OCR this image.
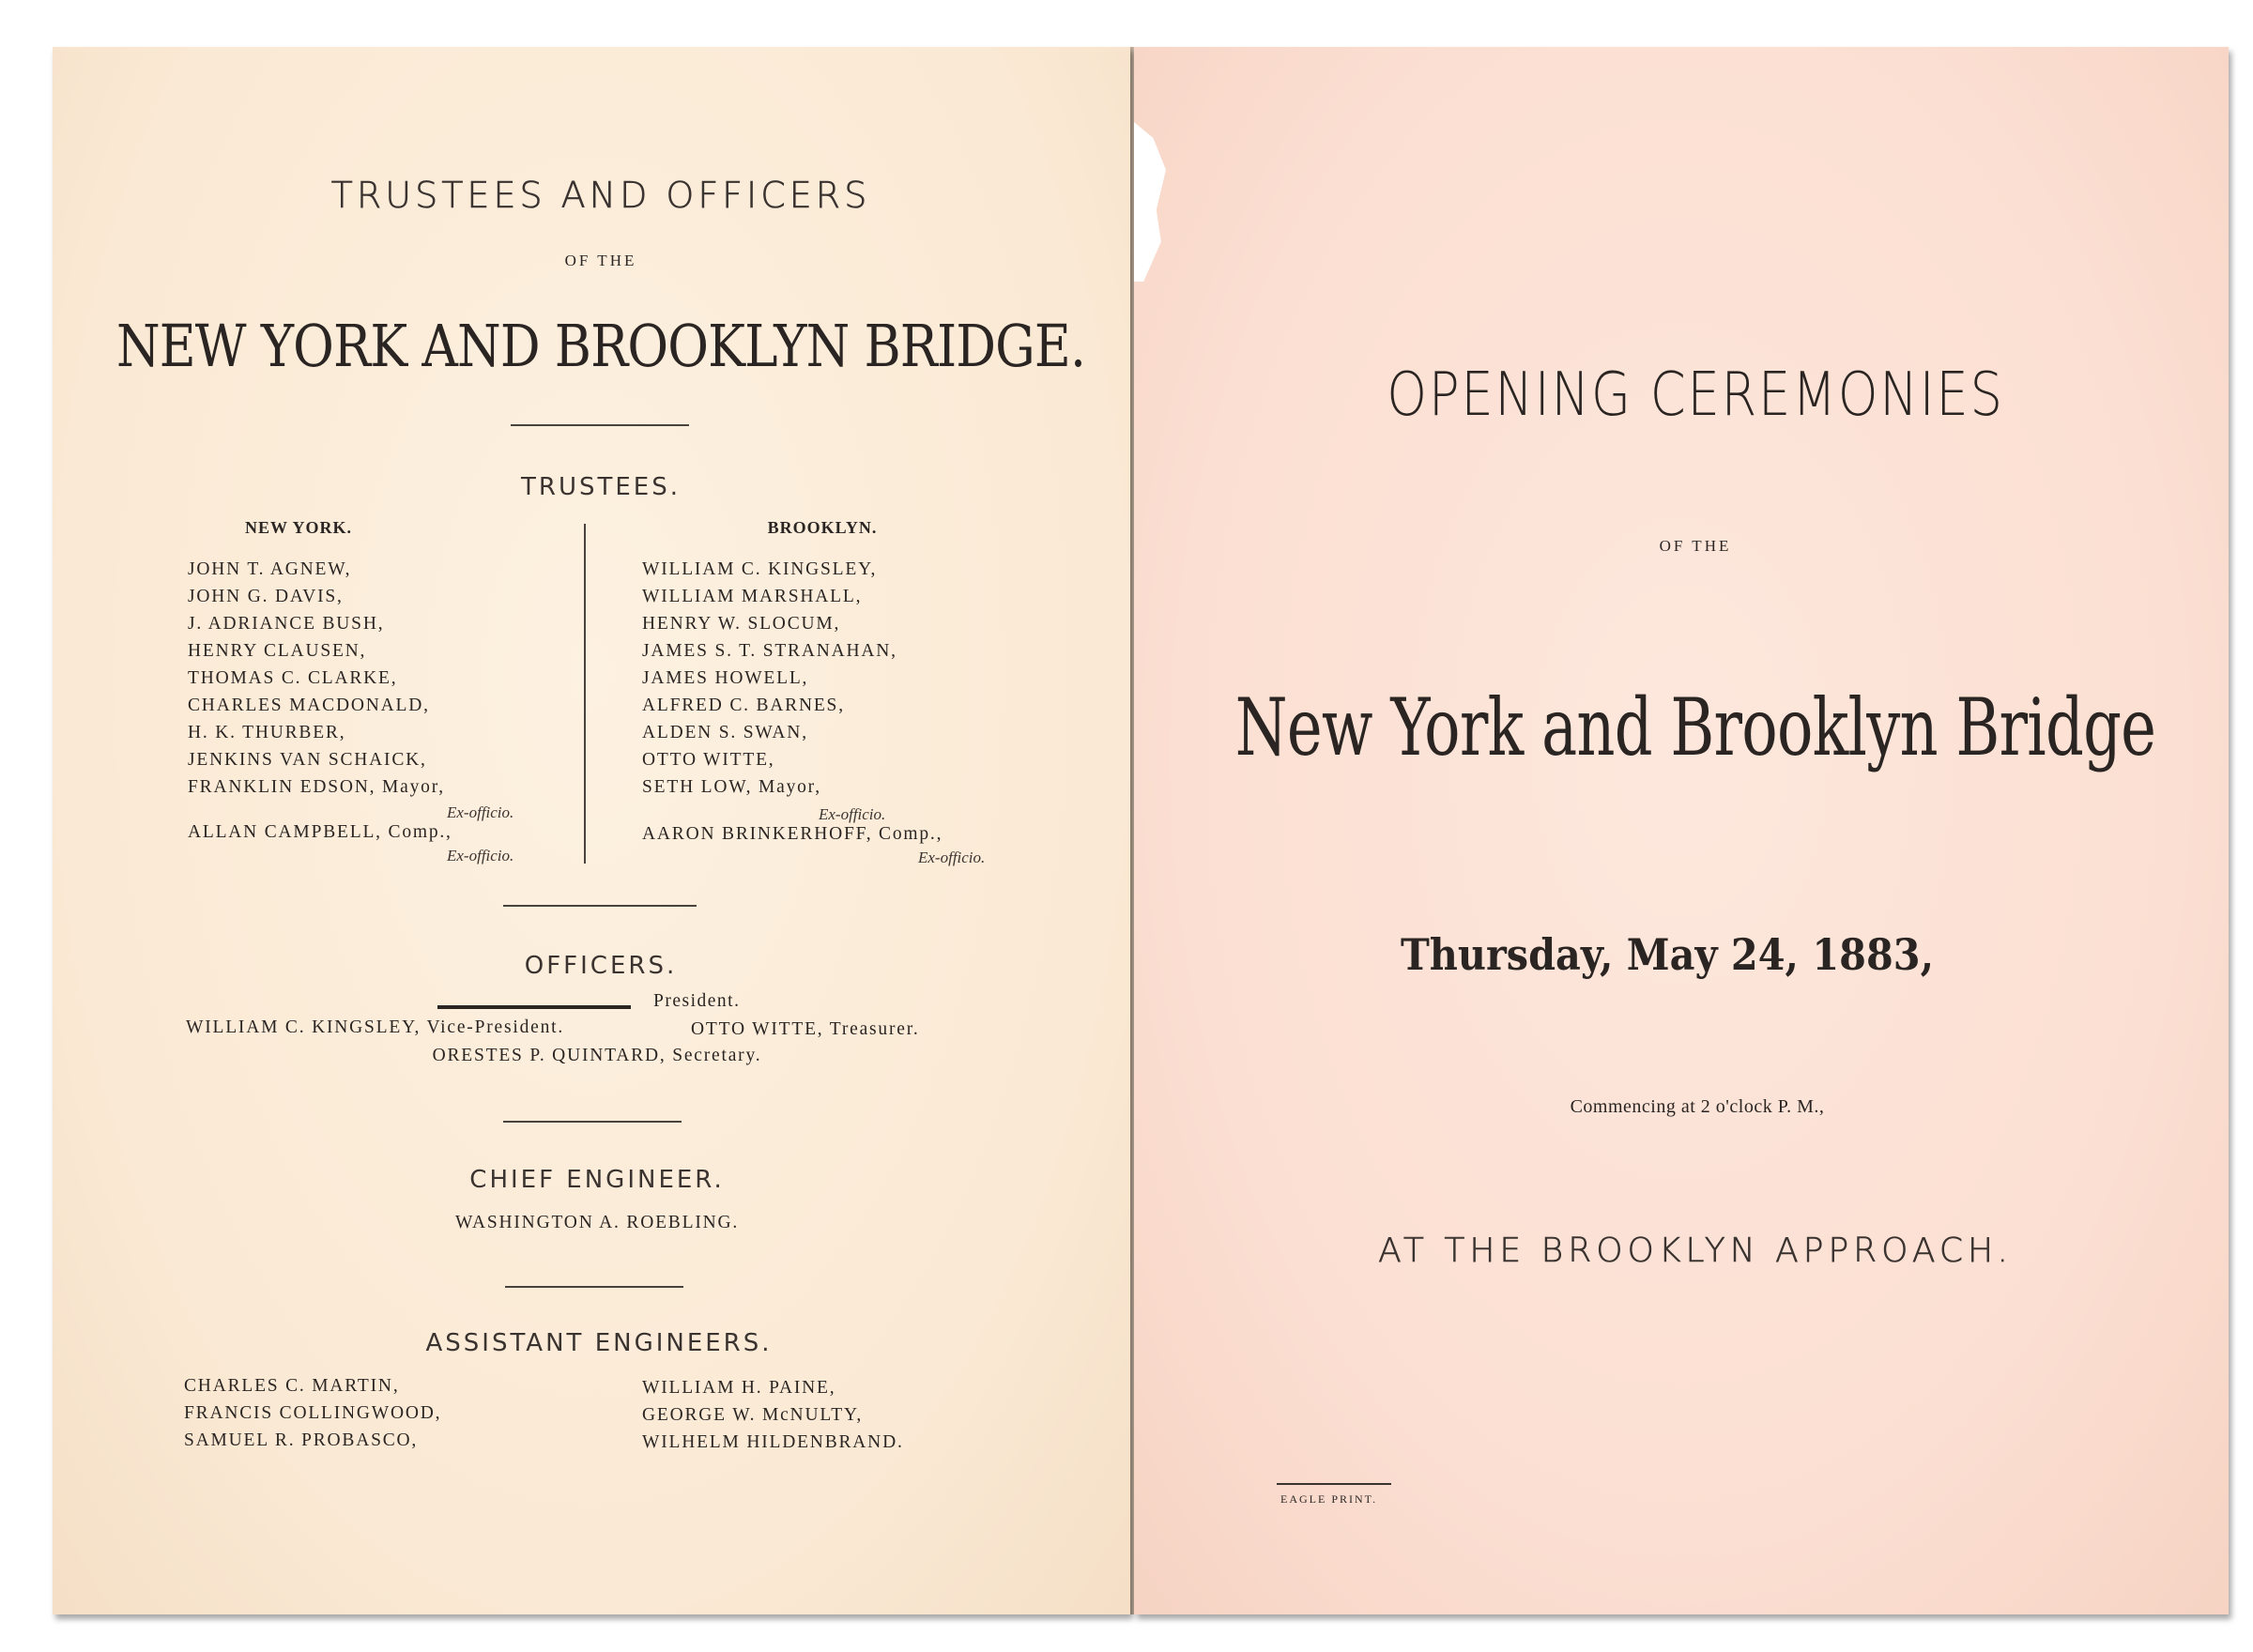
TRUSTEES AND OFFICERS
OF THE
NEW YORK AND BROOKLYN BRIDGE.
TRUSTEES.
NEW YORK.
JOHN T. AGNEW,
JOHN G. DAVIS,
J. ADRIANCE BUSH,
HENRY CLAUSEN,
THOMAS C. CLARKE,
CHARLES MACDONALD,
H. K. THURBER,
JENKINS VAN SCHAICK,
FRANKLIN EDSON, Mayor,
Ex-officio.
ALLAN CAMPBELL, Comp.,
Ex-officio.
BROOKLYN.
WILLIAM C. KINGSLEY,
WILLIAM MARSHALL,
HENRY W. SLOCUM,
JAMES S. T. STRANAHAN,
JAMES HOWELL,
ALFRED C. BARNES,
ALDEN S. SWAN,
OTTO WITTE,
SETH LOW, Mayor,
Ex-officio.
AARON BRINKERHOFF, Comp.,
Ex-officio.
OFFICERS.
President.
WILLIAM C. KINGSLEY, Vice-President.	OTTO WITTE, Treasurer.
ORESTES P. QUINTARD, Secretary.
CHIEF ENGINEER.
WASHINGTON A. ROEBLING.
ASSISTANT ENGINEERS.
CHARLES C. MARTIN,
FRANCIS COLLINGWOOD,
SAMUEL R. PROBASCO,
WILLIAM H. PAINE,
GEORGE W. McNULTY,
WILHELM HILDENBRAND.
OPENING CEREMONIES
OF THE
New York and Brooklyn Bridge
Thursday, May 24, 1883,
Commencing at 2 o'clock P. M.,
AT THE BROOKLYN APPROACH.
EAGLE PRINT.
